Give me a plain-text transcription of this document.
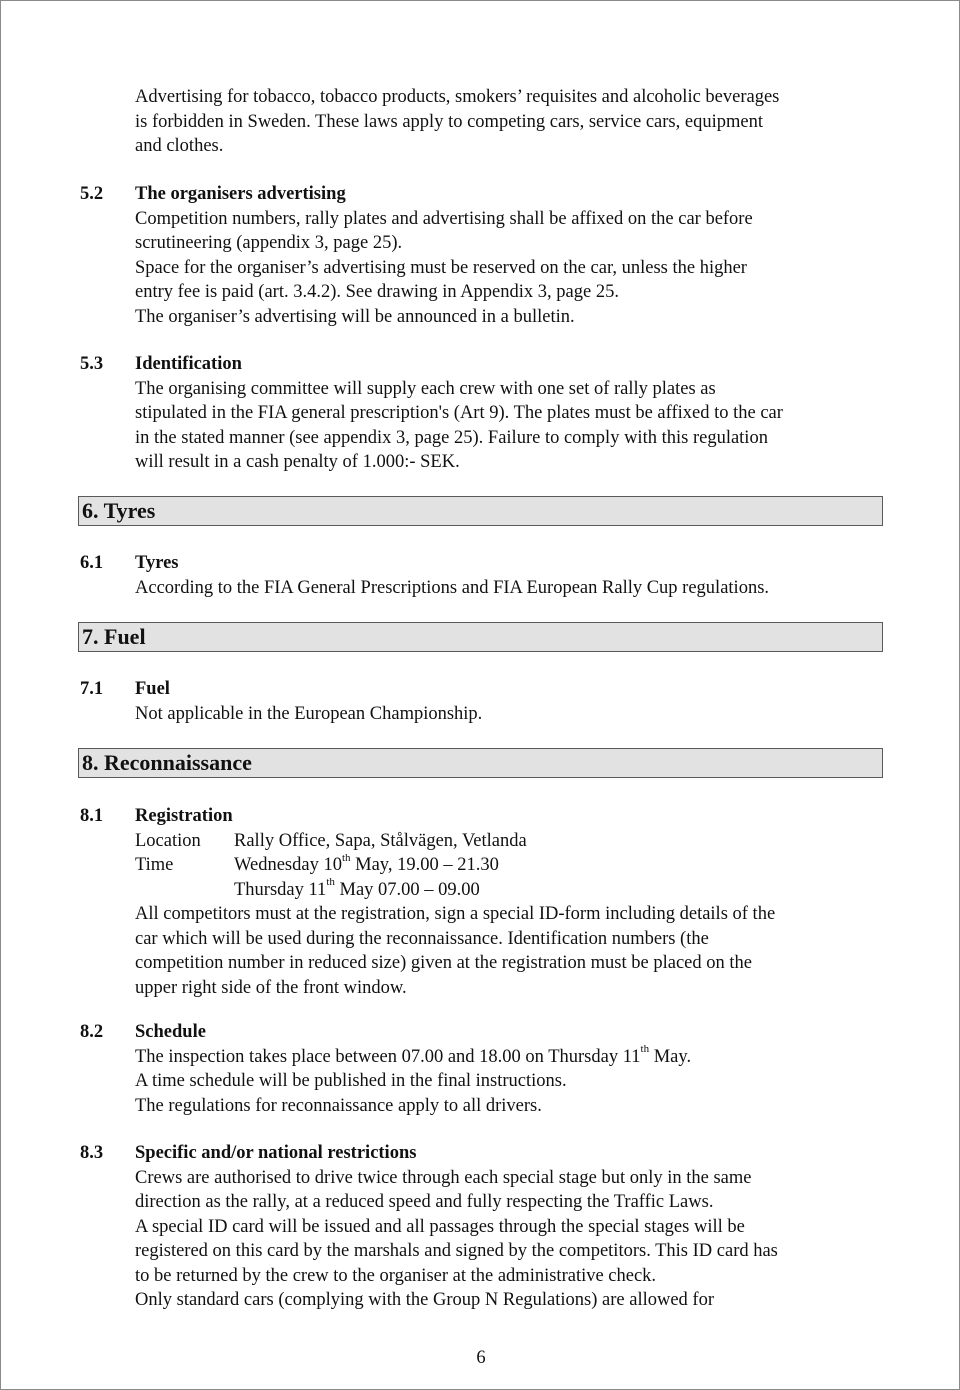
Advertising for tobacco, tobacco products, smokers’ requisites and alcoholic beverages
is forbidden in Sweden. These laws apply to competing cars, service cars, equipment
and clothes.
5.2 The organisers advertising
Competition numbers, rally plates and advertising shall be affixed on the car before
scrutineering (appendix 3, page 25).
Space for the organiser’s advertising must be reserved on the car, unless the higher
entry fee is paid (art. 3.4.2). See drawing in Appendix 3, page 25.
The organiser’s advertising will be announced in a bulletin.
5.3 Identification
The organising committee will supply each crew with one set of rally plates as
stipulated in the FIA general prescription's (Art 9). The plates must be affixed to the car
in the stated manner (see appendix 3, page 25). Failure to comply with this regulation
will result in a cash penalty of 1.000:- SEK.
6. Tyres
6.1 Tyres
According to the FIA General Prescriptions and FIA European Rally Cup regulations.
7. Fuel
7.1 Fuel
Not applicable in the European Championship.
8. Reconnaissance
8.1 Registration
Location Rally Office, Sapa, Stålvägen, Vetlanda
Time	Wednesday 10th May, 19.00 – 21.30
Thursday 11th May 07.00 – 09.00
All competitors must at the registration, sign a special ID-form including details of the
car which will be used during the reconnaissance. Identification numbers (the
competition number in reduced size) given at the registration must be placed on the
upper right side of the front window.
8.2 Schedule
The inspection takes place between 07.00 and 18.00 on Thursday 11th May.
A time schedule will be published in the final instructions.
The regulations for reconnaissance apply to all drivers.
8.3 Specific and/or national restrictions
Crews are authorised to drive twice through each special stage but only in the same
direction as the rally, at a reduced speed and fully respecting the Traffic Laws.
A special ID card will be issued and all passages through the special stages will be
registered on this card by the marshals and signed by the competitors. This ID card has
to be returned by the crew to the organiser at the administrative check.
Only standard cars (complying with the Group N Regulations) are allowed for
6
